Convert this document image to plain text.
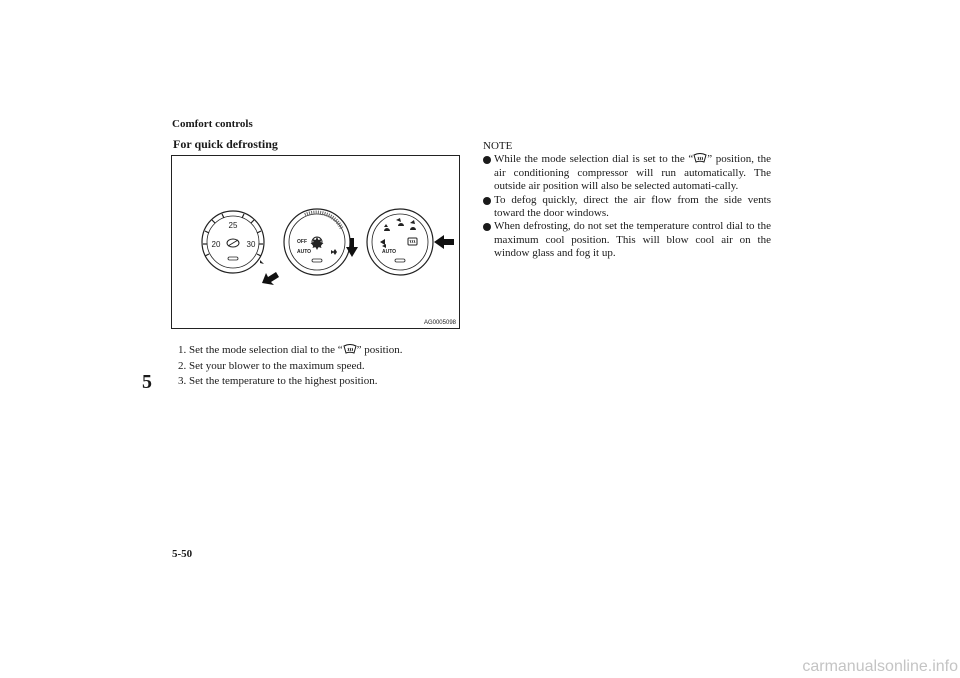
Comfort controls
5
For quick defrosting
25
20	30	OFF
AUTO	AUTO
AG0005098
1. Set the mode selection dial to the “ ” position.
2. Set your blower to the maximum speed.
3. Set the temperature to the highest position.
NOTE
While the mode selection dial is set to the “ ” position, the air conditioning compressor will run automatically. The outside air position will also be selected automati-cally.
To defog quickly, direct the air flow from the side vents toward the door windows.
When defrosting, do not set the temperature control dial to the maximum cool position. This will blow cool air on the window glass and fog it up.
5-50
carmanualsonline.info
